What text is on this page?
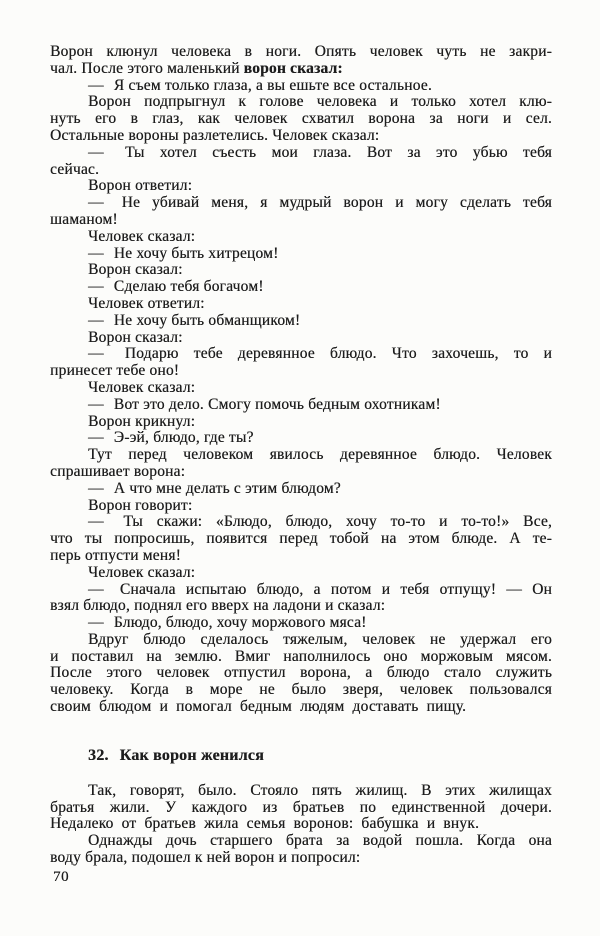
Ворон клюнул человека в ноги. Опять человек чуть не закри-
чал. После этого маленький ворон сказал:
— Я съем только глаза, а вы ешьте все остальное.
Ворон подпрыгнул к голове человека и только хотел клю-
нуть его в глаз, как человек схватил ворона за ноги и сел.
Остальные вороны разлетелись. Человек сказал:
— Ты хотел съесть мои глаза. Вот за это убью тебя
сейчас.
Ворон ответил:
— Не убивай меня, я мудрый ворон и могу сделать тебя
шаманом!
Человек сказал:
— Не хочу быть хитрецом!
Ворон сказал:
— Сделаю тебя богачом!
Человек ответил:
— Не хочу быть обманщиком!
Ворон сказал:
— Подарю тебе деревянное блюдо. Что захочешь, то и
принесет тебе оно!
Человек сказал:
— Вот это дело. Смогу помочь бедным охотникам!
Ворон крикнул:
— Э-эй, блюдо, где ты?
Тут перед человеком явилось деревянное блюдо. Человек
спрашивает ворона:
— А что мне делать с этим блюдом?
Ворон говорит:
— Ты скажи: «Блюдо, блюдо, хочу то-то и то-то!» Все,
что ты попросишь, появится перед тобой на этом блюде. А те-
перь отпусти меня!
Человек сказал:
— Сначала испытаю блюдо, а потом и тебя отпущу! — Он
взял блюдо, поднял его вверх на ладони и сказал:
— Блюдо, блюдо, хочу моржового мяса!
Вдруг блюдо сделалось тяжелым, человек не удержал его
и поставил на землю. Вмиг наполнилось оно моржовым мясом.
После этого человек отпустил ворона, а блюдо стало служить
человеку. Когда в море не было зверя, человек пользовался
своим блюдом и помогал бедным людям доставать пищу.
32. Как ворон женился
Так, говорят, было. Стояло пять жилищ. В этих жилищах
братья жили. У каждого из братьев по единственной дочери.
Недалеко от братьев жила семья воронов: бабушка и внук.
Однажды дочь старшего брата за водой пошла. Когда она
воду брала, подошел к ней ворон и попросил:
70
